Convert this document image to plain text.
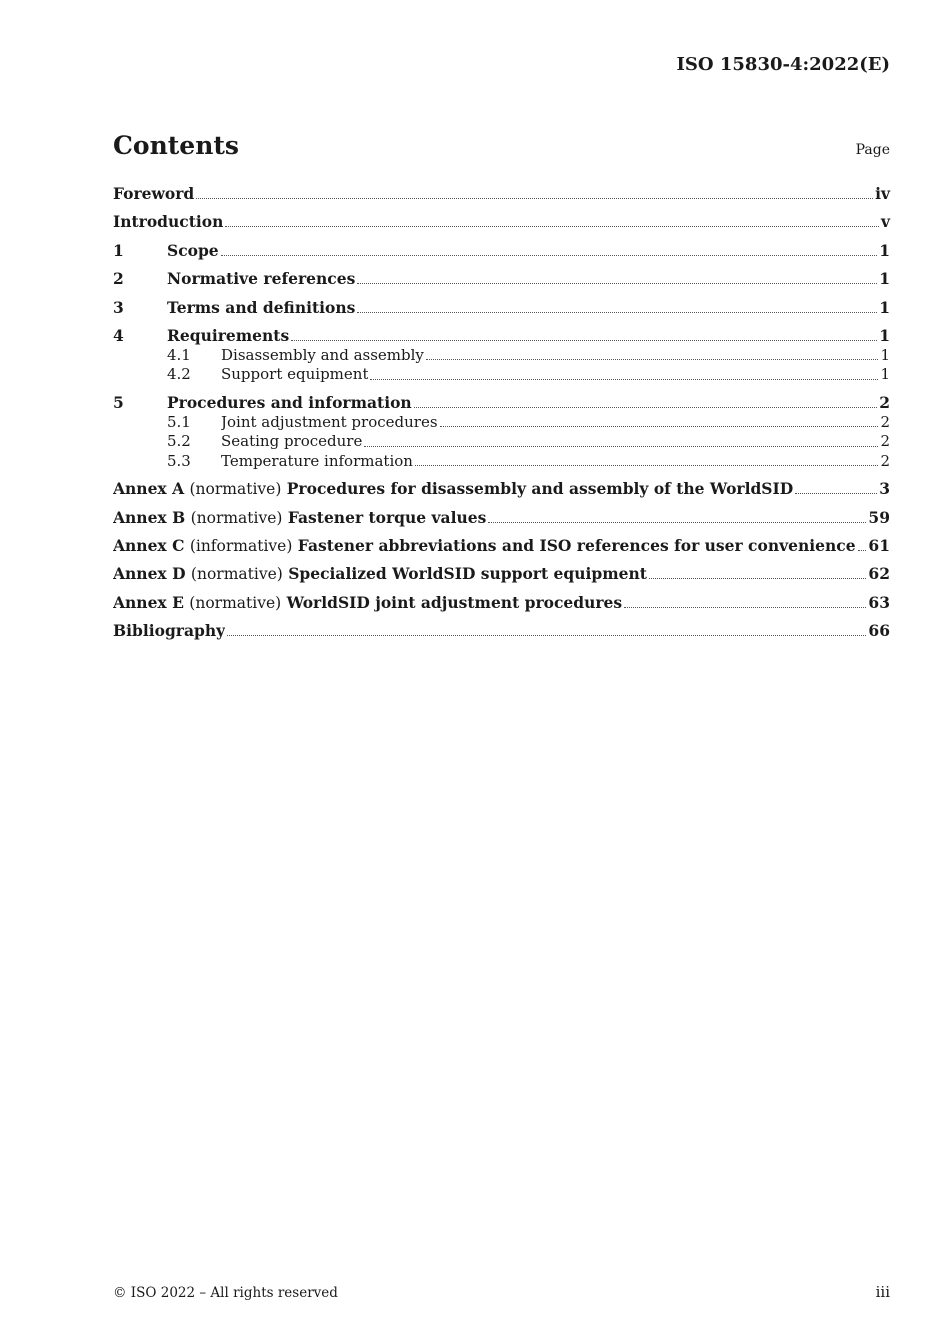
ISO 15830-4:2022(E)
Contents	Page
Foreword	iv
Introduction	v
1	Scope	1
2	Normative references	1
3	Terms and definitions	1
4	Requirements	1
4.1	Disassembly and assembly	1
4.2	Support equipment	1
5	Procedures and information	2
5.1	Joint adjustment procedures	2
5.2	Seating procedure	2
5.3	Temperature information	2
Annex A (normative) Procedures for disassembly and assembly of the WorldSID	3
Annex B (normative) Fastener torque values	59
Annex C (informative) Fastener abbreviations and ISO references for user convenience 61
Annex D (normative) Specialized WorldSID support equipment	62
Annex E (normative) WorldSID joint adjustment procedures	63
Bibliography	66
© ISO 2022 – All rights reserved	iii
